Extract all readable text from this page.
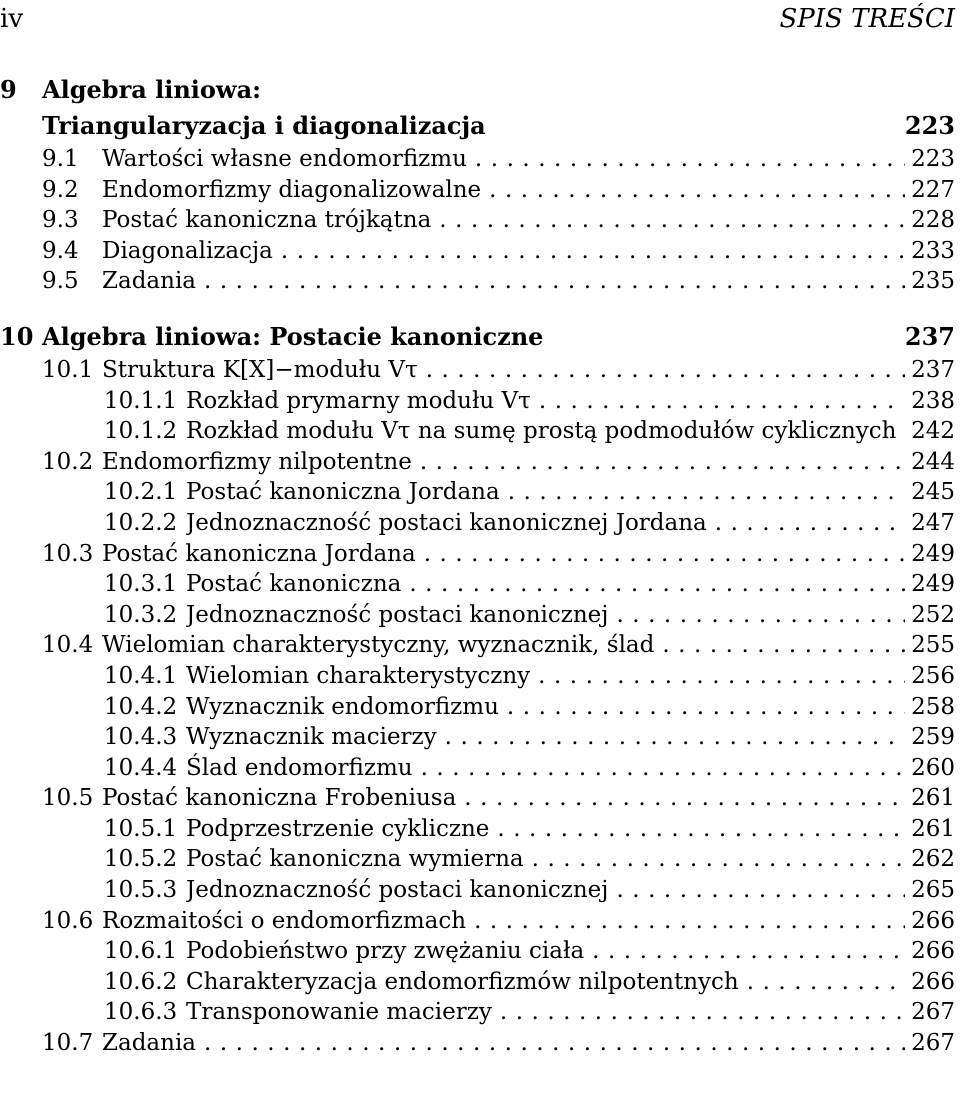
iv	SPIS TREŚCI
9 Algebra liniowa:
Triangularyzacja i diagonalizacja	223
9.1 Wartości własne endomorfizmu	223
. . .
9.2 Endomorfizmy diagonalizowalne	227
. . .
9.3 Postać kanoniczna trójkątna	228
. . .
9.4 Diagonalizacja	233
. . .
9.5 Zadania	235
. . .
10 Algebra liniowa: Postacie kanoniczne	237
10.1 Struktura K[X]−modułu Vτ	237
. . .
10.1.1 Rozkład prymarny modułu Vτ	238
. . .
10.1.2 Rozkład modułu Vτ na sumę prostą podmodułów cyklicznych 242
10.2 Endomorfizmy nilpotentne	244
. . .
10.2.1 Postać kanoniczna Jordana	245
. . .
10.2.2 Jednoznaczność postaci kanonicznej Jordana	247
. . .
10.3 Postać kanoniczna Jordana	249
. . .
10.3.1 Postać kanoniczna	249
. . .
10.3.2 Jednoznaczność postaci kanonicznej	252
. . .
10.4 Wielomian charakterystyczny, wyznacznik, ślad	255
. . .
10.4.1 Wielomian charakterystyczny	256
. . .
10.4.2 Wyznacznik endomorfizmu	258
. . .
10.4.3 Wyznacznik macierzy	259
. . .
10.4.4 Ślad endomorfizmu	260
. . .
10.5 Postać kanoniczna Frobeniusa	261
. . .
10.5.1 Podprzestrzenie cykliczne	261
. . .
10.5.2 Postać kanoniczna wymierna	262
. . .
10.5.3 Jednoznaczność postaci kanonicznej	265
. . .
10.6 Rozmaitości o endomorfizmach	266
. . .
10.6.1 Podobieństwo przy zwężaniu ciała	266
. . .
10.6.2 Charakteryzacja endomorfizmów nilpotentnych	266
. . .
10.6.3 Transponowanie macierzy	267
. . .
10.7 Zadania	267
. . .
